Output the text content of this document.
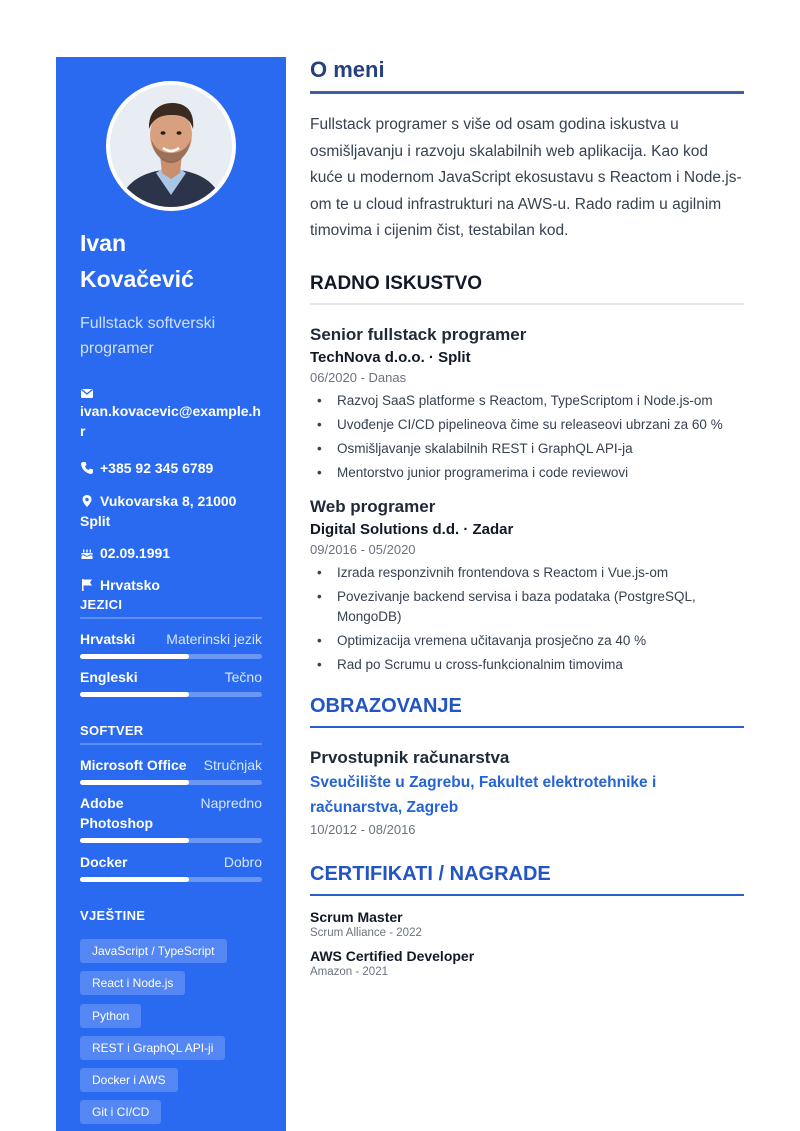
Ivan
Kovačević
Fullstack softverski programer
ivan.kovacevic@example.hr
+385 92 345 6789
Vukovarska 8, 21000 Split
02.09.1991
Hrvatsko
JEZICI
Hrvatski Materinski jezik
Engleski	Tečno
SOFTVER
Microsoft Office Stručnjak
Adobe Photoshop
Napredno
Docker	Dobro
VJEŠTINE
JavaScript / TypeScript
React i Node.js
Python
REST i GraphQL API-ji
Docker i AWS
Git i CI/CD
O meni

Fullstack programer s više od osam godina iskustva u osmišljavanju i razvoju skalabilnih web aplikacija. Kao kod kuće u modernom JavaScript ekosustavu s Reactom i Node.js-om te u cloud infrastrukturi na AWS-u. Rado radim u agilnim timovima i cijenim čist, testabilan kod.

RADNO ISKUSTVO
Senior fullstack programer
TechNova d.o.o. · Split
06/2020 - Danas
• Razvoj SaaS platforme s Reactom, TypeScriptom i Node.js-om
• Uvođenje CI/CD pipelineova čime su releaseovi ubrzani za 60 %
• Osmišljavanje skalabilnih REST i GraphQL API-ja
• Mentorstvo junior programerima i code reviewovi
Web programer
Digital Solutions d.d. · Zadar
09/2016 - 05/2020
• Izrada responzivnih frontendova s Reactom i Vue.js-om
• Povezivanje backend servisa i baza podataka (PostgreSQL, MongoDB)
• Optimizacija vremena učitavanja prosječno za 40 %
• Rad po Scrumu u cross-funkcionalnim timovima
OBRAZOVANJE
Prvostupnik računarstva
Sveučilište u Zagrebu, Fakultet elektrotehnike i računarstva, Zagreb
10/2012 - 08/2016
CERTIFIKATI / NAGRADE
Scrum Master
Scrum Alliance - 2022
AWS Certified Developer
Amazon - 2021
